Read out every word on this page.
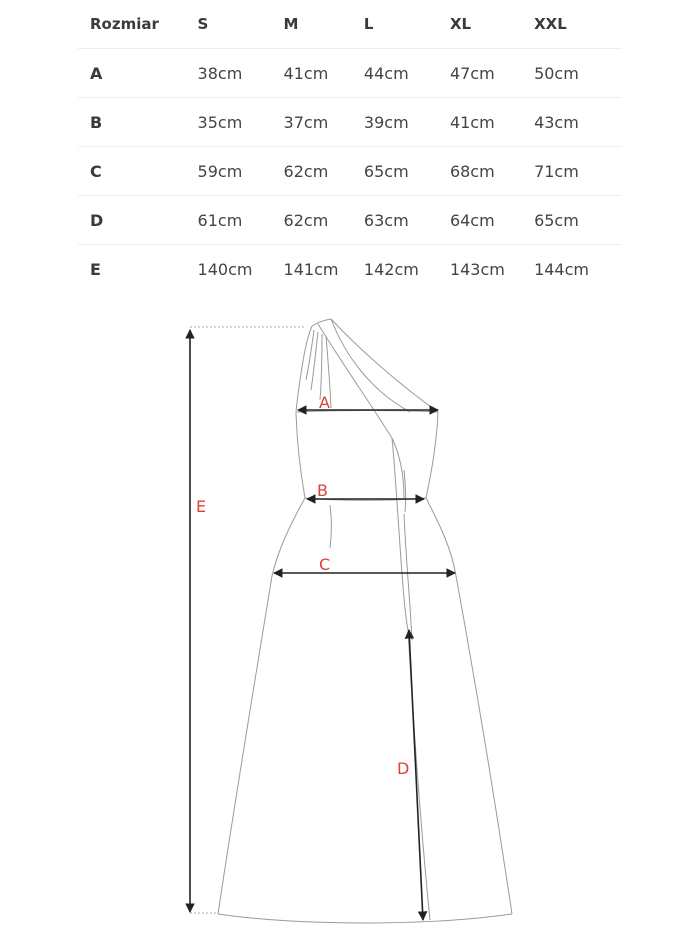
Rozmiar	S	M	L	XL	XXL
A	38cm	41cm	44cm	47cm	50cm
B	35cm	37cm	39cm	41cm	43cm
C	59cm	62cm	65cm	68cm	71cm
D	61cm	62cm	63cm	64cm	65cm
E	140cm	141cm	142cm	143cm	144cm
E
A
B
C
D
